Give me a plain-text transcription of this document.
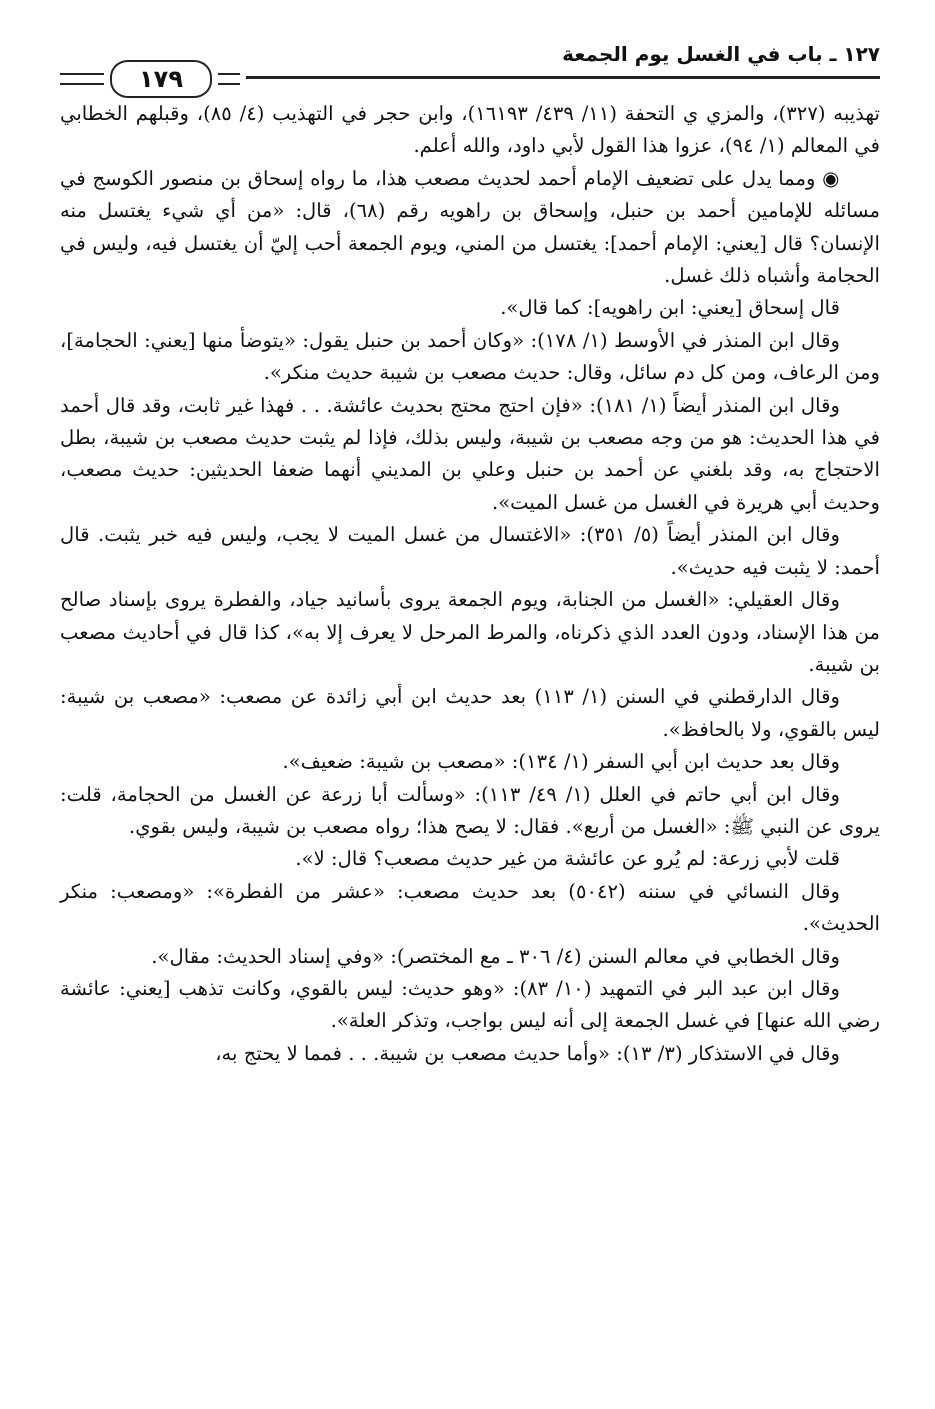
١٢٧ ـ باب في الغسل يوم الجمعة
١٧٩

تهذيبه (٣٢٧)، والمزي ي التحفة (١١/ ٤٣٩/ ١٦١٩٣)، وابن حجر في التهذيب (٤/ ٨٥)، وقبلهم الخطابي في المعالم (١/ ٩٤)، عزوا هذا القول لأبي داود، والله أعلم.

◉ ومما يدل على تضعيف الإمام أحمد لحديث مصعب هذا، ما رواه إسحاق بن منصور الكوسج في مسائله للإمامين أحمد بن حنبل، وإسحاق بن راهويه رقم (٦٨)، قال: «من أي شيء يغتسل منه الإنسان؟ قال [يعني: الإمام أحمد]: يغتسل من المني، ويوم الجمعة أحب إليّ أن يغتسل فيه، وليس في الحجامة وأشباه ذلك غسل.

قال إسحاق [يعني: ابن راهويه]: كما قال».

وقال ابن المنذر في الأوسط (١/ ١٧٨): «وكان أحمد بن حنبل يقول: «يتوضأ منها [يعني: الحجامة]، ومن الرعاف، ومن كل دم سائل، وقال: حديث مصعب بن شيبة حديث منكر».

وقال ابن المنذر أيضاً (١/ ١٨١): «فإن احتج محتج بحديث عائشة. . . فهذا غير ثابت، وقد قال أحمد في هذا الحديث: هو من وجه مصعب بن شيبة، وليس بذلك، فإذا لم يثبت حديث مصعب بن شيبة، بطل الاحتجاج به، وقد بلغني عن أحمد بن حنبل وعلي بن المديني أنهما ضعفا الحديثين: حديث مصعب، وحديث أبي هريرة في الغسل من غسل الميت».

وقال ابن المنذر أيضاً (٥/ ٣٥١): «الاغتسال من غسل الميت لا يجب، وليس فيه خبر يثبت. قال أحمد: لا يثبت فيه حديث».

وقال العقيلي: «الغسل من الجنابة، ويوم الجمعة يروى بأسانيد جياد، والفطرة يروى بإسناد صالح من هذا الإسناد، ودون العدد الذي ذكرناه، والمرط المرحل لا يعرف إلا به»، كذا قال في أحاديث مصعب بن شيبة.

وقال الدارقطني في السنن (١/ ١١٣) بعد حديث ابن أبي زائدة عن مصعب: «مصعب بن شيبة: ليس بالقوي، ولا بالحافظ».

وقال بعد حديث ابن أبي السفر (١/ ١٣٤): «مصعب بن شيبة: ضعيف».

وقال ابن أبي حاتم في العلل (١/ ٤٩/ ١١٣): «وسألت أبا زرعة عن الغسل من الحجامة، قلت: يروى عن النبي ﷺ: «الغسل من أربع». فقال: لا يصح هذا؛ رواه مصعب بن شيبة، وليس بقوي.

قلت لأبي زرعة: لم يُرو عن عائشة من غير حديث مصعب؟ قال: لا».

وقال النسائي في سننه (٥٠٤٢) بعد حديث مصعب: «عشر من الفطرة»: «ومصعب: منكر الحديث».

وقال الخطابي في معالم السنن (٤/ ٣٠٦ ـ مع المختصر): «وفي إسناد الحديث: مقال».

وقال ابن عبد البر في التمهيد (١٠/ ٨٣): «وهو حديث: ليس بالقوي، وكانت تذهب [يعني: عائشة رضي الله عنها] في غسل الجمعة إلى أنه ليس بواجب، وتذكر العلة».

وقال في الاستذكار (٣/ ١٣): «وأما حديث مصعب بن شيبة. . . فمما لا يحتج به،
